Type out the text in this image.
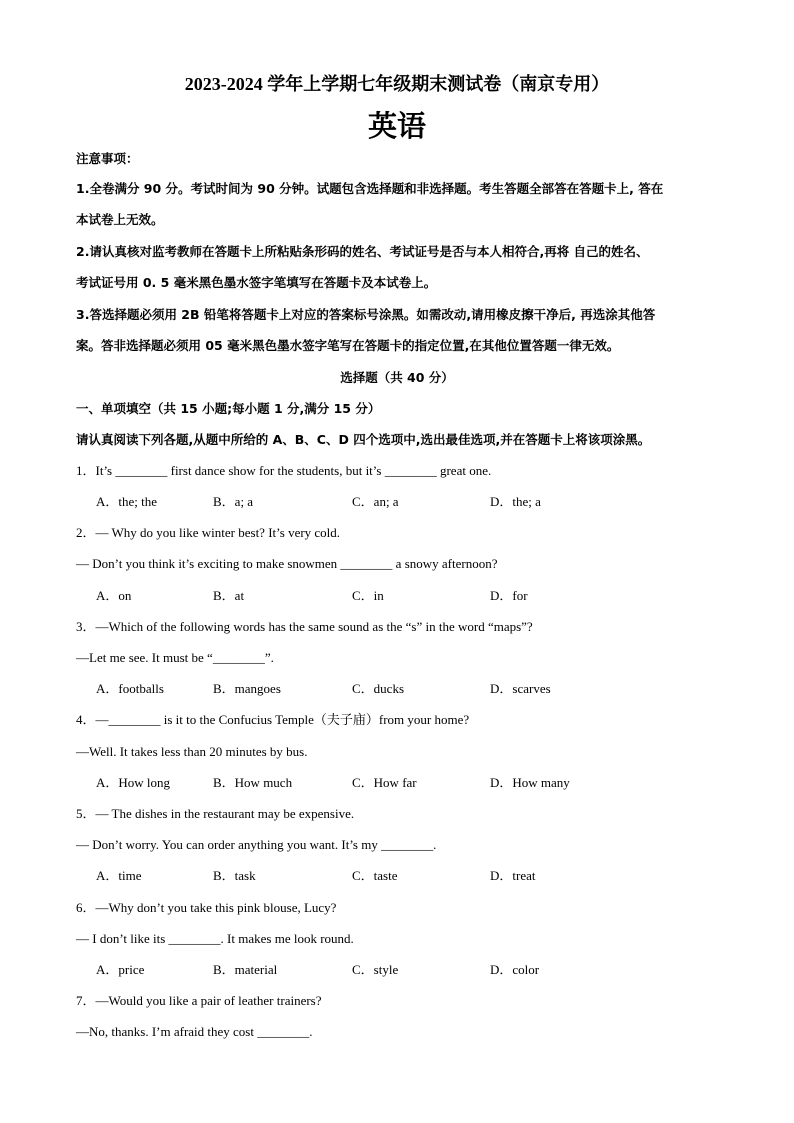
2023-2024 学年上学期七年级期末测试卷（南京专用）
英语
注意事项：
1.全卷满分 90 分。考试时间为 90 分钟。试题包含选择题和非选择题。考生答题全部答在答题卡上, 答在
本试卷上无效。
2.请认真核对监考教师在答题卡上所粘贴条形码的姓名、考试证号是否与本人相符合,再将 自己的姓名、
考试证号用 0. 5 毫米黑色墨水签字笔填写在答题卡及本试卷上。
3.答选择题必须用 2B 铅笔将答题卡上对应的答案标号涂黑。如需改动,请用橡皮擦干净后, 再选涂其他答
案。答非选择题必须用 05 毫米黑色墨水签字笔写在答题卡的指定位置,在其他位置答题一律无效。
选择题（共 40 分）
一、单项填空（共 15 小题;每小题 1 分,满分 15 分）
请认真阅读下列各题,从题中所给的 A、B、C、D 四个选项中,选出最佳选项,并在答题卡上将该项涂黑。
1．It’s ________ first dance show for the students, but it’s ________ great one.
A．the; the	B．a; a	C．an; a	D．the; a
2．— Why do you like winter best? It’s very cold.
— Don’t you think it’s exciting to make snowmen ________ a snowy afternoon?
A．on	B．at	C．in	D．for
3．—Which of the following words has the same sound as the “s” in the word “maps”?
—Let me see. It must be “________”.
A．footballs	B．mangoes	C．ducks	D．scarves
4．—________ is it to the Confucius Temple（夫子庙）from your home?
—Well. It takes less than 20 minutes by bus.
A．How long	B．How much	C．How far	D．How many
5．— The dishes in the restaurant may be expensive.
— Don’t worry. You can order anything you want. It’s my ________.
A．time	B．task	C．taste	D．treat
6．—Why don’t you take this pink blouse, Lucy?
— I don’t like its ________. It makes me look round.
A．price	B．material	C．style	D．color
7．—Would you like a pair of leather trainers?
—No, thanks. I’m afraid they cost ________.
